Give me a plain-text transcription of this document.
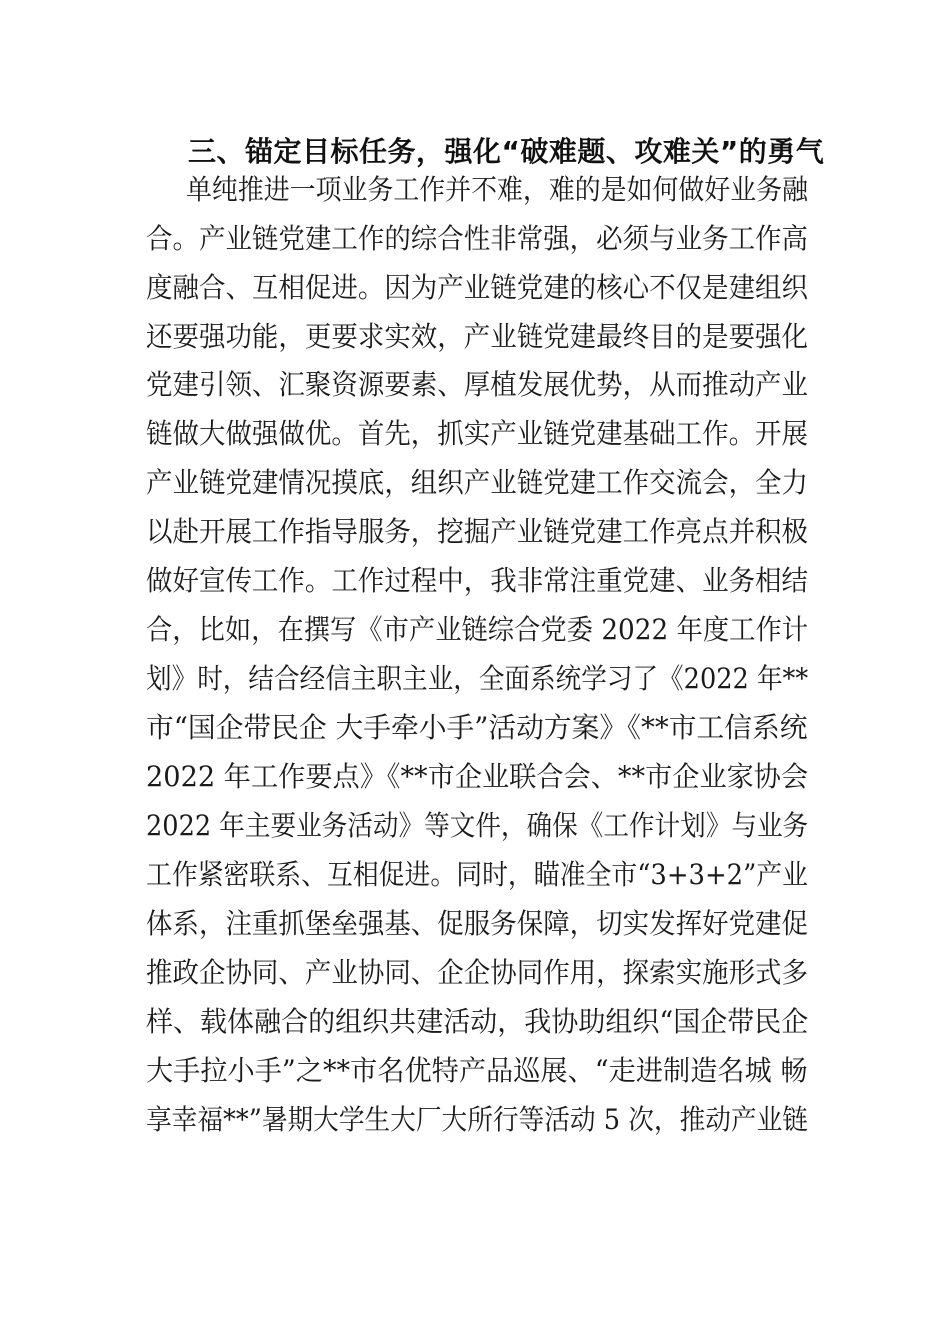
三、锚定目标任务，强化“破难题、攻难关”的勇气
单纯推进一项业务工作并不难，难的是如何做好业务融
合。产业链党建工作的综合性非常强，必须与业务工作高
度融合、互相促进。因为产业链党建的核心不仅是建组织
还要强功能，更要求实效，产业链党建最终目的是要强化
党建引领、汇聚资源要素、厚植发展优势，从而推动产业
链做大做强做优。首先，抓实产业链党建基础工作。开展
产业链党建情况摸底，组织产业链党建工作交流会，全力
以赴开展工作指导服务，挖掘产业链党建工作亮点并积极
做好宣传工作。工作过程中，我非常注重党建、业务相结
合，比如，在撰写《市产业链综合党委 2022 年度工作计
划》时，结合经信主职主业，全面系统学习了《2022 年**
市“国企带民企 大手牵小手”活动方案》《**市工信系统
2022 年工作要点》《**市企业联合会、**市企业家协会
2022 年主要业务活动》等文件，确保《工作计划》与业务
工作紧密联系、互相促进。同时，瞄准全市“3+3+2”产业
体系，注重抓堡垒强基、促服务保障，切实发挥好党建促
推政企协同、产业协同、企企协同作用，探索实施形式多
样、载体融合的组织共建活动，我协助组织“国企带民企
大手拉小手”之**市名优特产品巡展、“走进制造名城 畅
享幸福**”暑期大学生大厂大所行等活动 5 次，推动产业链
